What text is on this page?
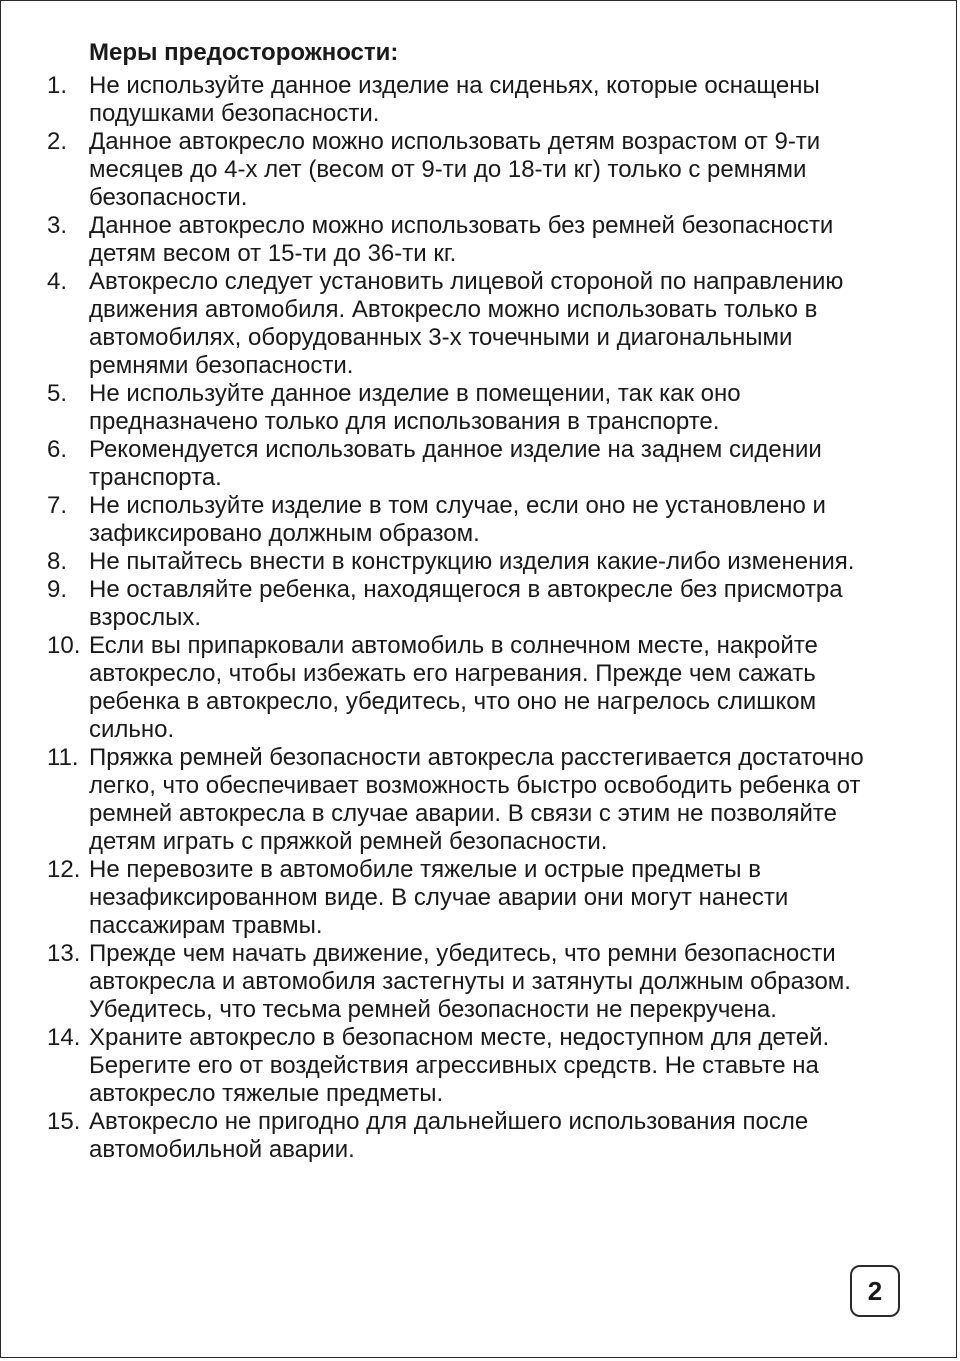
Меры предосторожности:
1. Не используйте данное изделие на сиденьях, которые оснащены
подушками безопасности.
2. Данное автокресло можно использовать детям возрастом от 9-ти
месяцев до 4-х лет (весом от 9-ти до 18-ти кг) только с ремнями
безопасности.
3. Данное автокресло можно использовать без ремней безопасности
детям весом от 15-ти до 36-ти кг.
4. Автокресло следует установить лицевой стороной по направлению
движения автомобиля. Автокресло можно использовать только в
автомобилях, оборудованных 3-х точечными и диагональными
ремнями безопасности.
5. Не используйте данное изделие в помещении, так как оно
предназначено только для использования в транспорте.
6. Рекомендуется использовать данное изделие на заднем сидении
транспорта.
7. Не используйте изделие в том случае, если оно не установлено и
зафиксировано должным образом.
8. Не пытайтесь внести в конструкцию изделия какие-либо изменения.
9. Не оставляйте ребенка, находящегося в автокресле без присмотра
взрослых.
10. Если вы припарковали автомобиль в солнечном месте, накройте
автокресло, чтобы избежать его нагревания. Прежде чем сажать
ребенка в автокресло, убедитесь, что оно не нагрелось слишком
сильно.
11. Пряжка ремней безопасности автокресла расстегивается достаточно
легко, что обеспечивает возможность быстро освободить ребенка от
ремней автокресла в случае аварии. В связи с этим не позволяйте
детям играть с пряжкой ремней безопасности.
12. Не перевозите в автомобиле тяжелые и острые предметы в
незафиксированном виде. В случае аварии они могут нанести
пассажирам травмы.
13. Прежде чем начать движение, убедитесь, что ремни безопасности
автокресла и автомобиля застегнуты и затянуты должным образом.
Убедитесь, что тесьма ремней безопасности не перекручена.
14. Храните автокресло в безопасном месте, недоступном для детей.
Берегите его от воздействия агрессивных средств. Не ставьте на
автокресло тяжелые предметы.
15. Автокресло не пригодно для дальнейшего использования после
автомобильной аварии.
2
